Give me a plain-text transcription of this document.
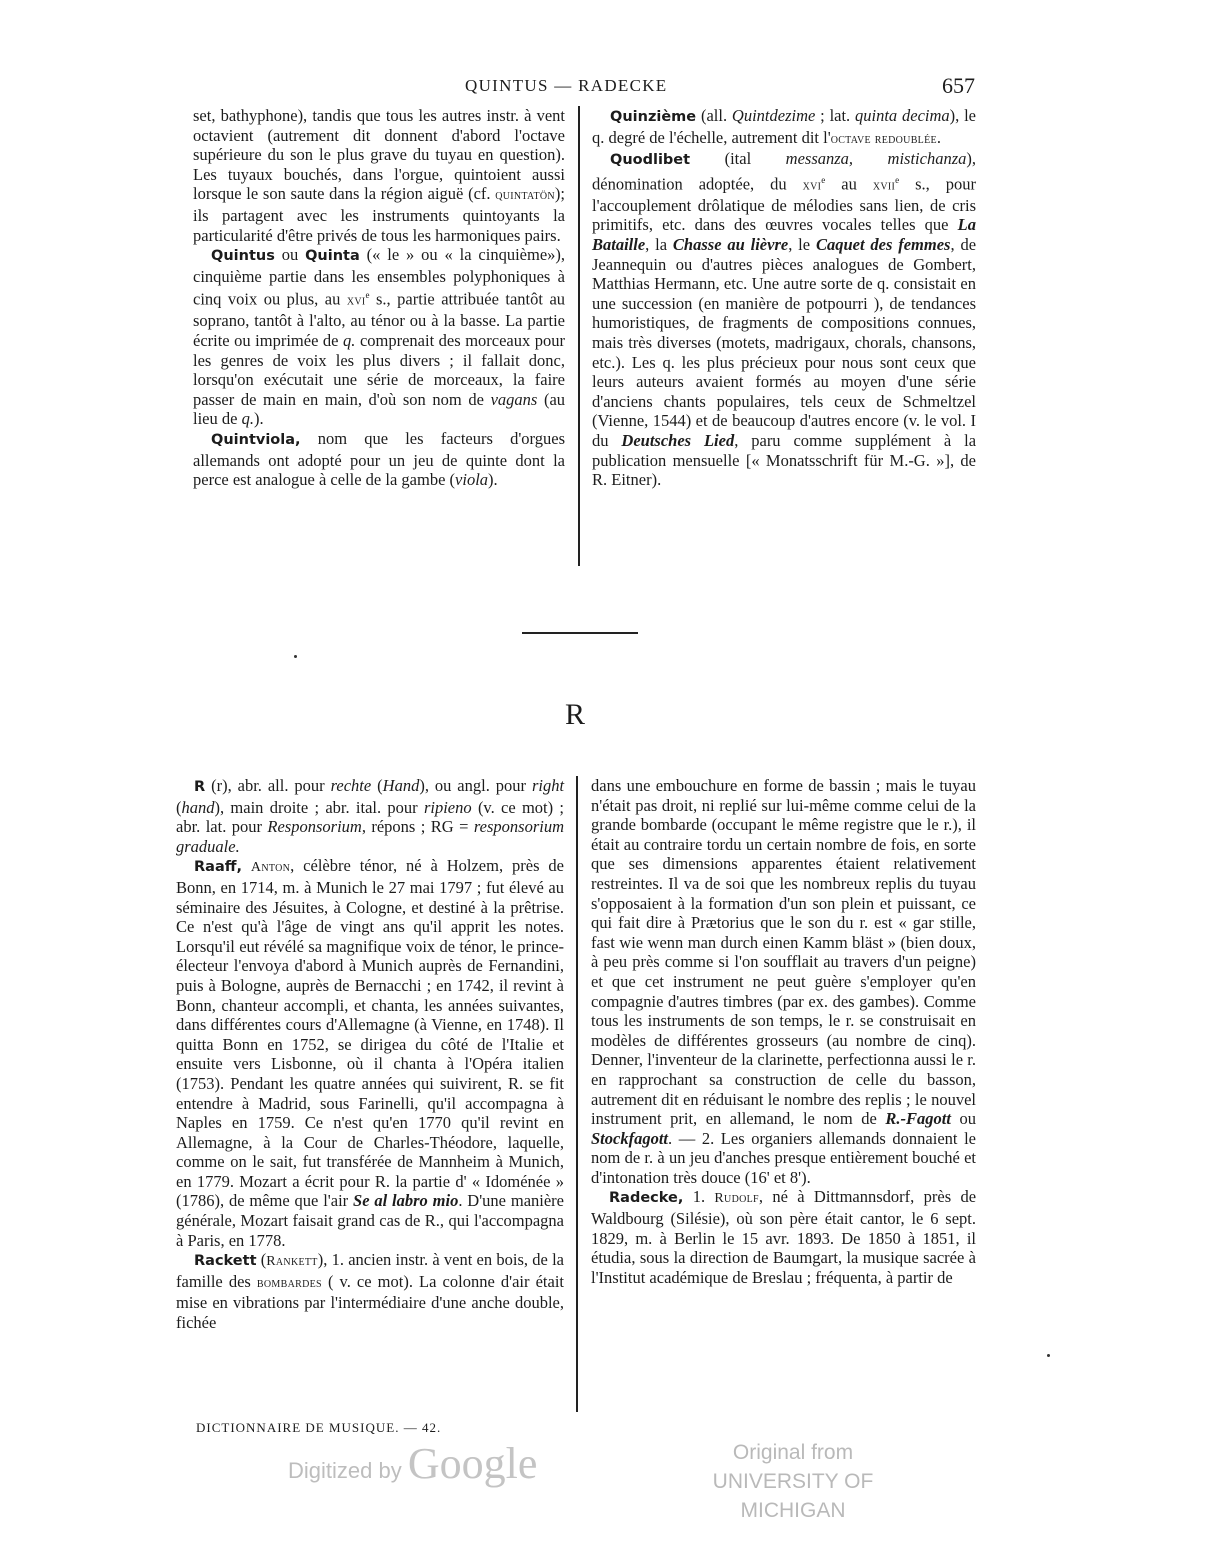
QUINTUS — RADECKE	657

set, bathyphone), tandis que tous les autres instr. à vent octavient (autrement dit donnent d'abord l'octave supérieure du son le plus grave du tuyau en question). Les tuyaux bouchés, dans l'orgue, quintoient aussi lorsque le son saute dans la région aiguë (cf. quintatön); ils partagent avec les instruments quintoyants la particularité d'être privés de tous les harmoniques pairs.

Quintus ou Quinta (« le » ou « la cinquième»), cinquième partie dans les ensembles polyphoniques à cinq voix ou plus, au xvi$^e$ s., partie attribuée tantôt au soprano, tantôt à l'alto, au ténor ou à la basse. La partie écrite ou imprimée de q. comprenait des morceaux pour les genres de voix les plus divers ; il fallait donc, lorsqu'on exécutait une série de morceaux, la faire passer de main en main, d'où son nom de vagans (au lieu de q.).

Quintviola, nom que les facteurs d'orgues allemands ont adopté pour un jeu de quinte dont la perce est analogue à celle de la gambe (viola).

Quinzième (all. Quintdezime ; lat. quinta decima), le q. degré de l'échelle, autrement dit l'octave redoublée.

Quodlibet (ital messanza, mistichanza), dénomination adoptée, du xvi$^e$ au xvii$^e$ s., pour l'accouplement drôlatique de mélodies sans lien, de cris primitifs, etc. dans des œuvres vocales telles que La Bataille, la Chasse au lièvre, le Caquet des femmes, de Jeannequin ou d'autres pièces analogues de Gombert, Matthias Hermann, etc. Une autre sorte de q. consistait en une succession (en manière de potpourri ), de tendances humoristiques, de fragments de compositions connues, mais très diverses (motets, madrigaux, chorals, chansons, etc.). Les q. les plus précieux pour nous sont ceux que leurs auteurs avaient formés au moyen d'une série d'anciens chants populaires, tels ceux de Schmeltzel (Vienne, 1544) et de beaucoup d'autres encore (v. le vol. I du Deutsches Lied, paru comme supplément à la publication mensuelle [« Monatsschrift für M.-G. »], de R. Eitner).

R

R (r), abr. all. pour rechte (Hand), ou angl. pour right (hand), main droite ; abr. ital. pour ripieno (v. ce mot) ; abr. lat. pour Responsorium, répons ; RG = responsorium graduale.

Raaff, Anton, célèbre ténor, né à Holzem, près de Bonn, en 1714, m. à Munich le 27 mai 1797 ; fut élevé au séminaire des Jésuites, à Cologne, et destiné à la prêtrise. Ce n'est qu'à l'âge de vingt ans qu'il apprit les notes. Lorsqu'il eut révélé sa magnifique voix de ténor, le prince-électeur l'envoya d'abord à Munich auprès de Fernandini, puis à Bologne, auprès de Bernacchi ; en 1742, il revint à Bonn, chanteur accompli, et chanta, les années suivantes, dans différentes cours d'Allemagne (à Vienne, en 1748). Il quitta Bonn en 1752, se dirigea du côté de l'Italie et ensuite vers Lisbonne, où il chanta à l'Opéra italien (1753). Pendant les quatre années qui suivirent, R. se fit entendre à Madrid, sous Farinelli, qu'il accompagna à Naples en 1759. Ce n'est qu'en 1770 qu'il revint en Allemagne, à la Cour de Charles-Théodore, laquelle, comme on le sait, fut transférée de Mannheim à Munich, en 1779. Mozart a écrit pour R. la partie d' « Idoménée » (1786), de même que l'air Se al labro mio. D'une manière générale, Mozart faisait grand cas de R., qui l'accompagna à Paris, en 1778.

Rackett (Rankett), 1. ancien instr. à vent en bois, de la famille des bombardes ( v. ce mot). La colonne d'air était mise en vibrations par l'intermédiaire d'une anche double, fichée

dans une embouchure en forme de bassin ; mais le tuyau n'était pas droit, ni replié sur lui-même comme celui de la grande bombarde (occupant le même registre que le r.), il était au contraire tordu un certain nombre de fois, en sorte que ses dimensions apparentes étaient relativement restreintes. Il va de soi que les nombreux replis du tuyau s'opposaient à la formation d'un son plein et puissant, ce qui fait dire à Prætorius que le son du r. est « gar stille, fast wie wenn man durch einen Kamm bläst » (bien doux, à peu près comme si l'on soufflait au travers d'un peigne) et que cet instrument ne peut guère s'employer qu'en compagnie d'autres timbres (par ex. des gambes). Comme tous les instruments de son temps, le r. se construisait en modèles de différentes grosseurs (au nombre de cinq). Denner, l'inventeur de la clarinette, perfectionna aussi le r. en rapprochant sa construction de celle du basson, autrement dit en réduisant le nombre des replis ; le nouvel instrument prit, en allemand, le nom de R.-Fagott ou Stockfagott. — 2. Les organiers allemands donnaient le nom de r. à un jeu d'anches presque entièrement bouché et d'intonation très douce (16' et 8').

Radecke, 1. Rudolf, né à Dittmannsdorf, près de Waldbourg (Silésie), où son père était cantor, le 6 sept. 1829, m. à Berlin le 15 avr. 1893. De 1850 à 1851, il étudia, sous la direction de Baumgart, la musique sacrée à l'Institut académique de Breslau ; fréquenta, à partir de

DICTIONNAIRE DE MUSIQUE. — 42.
Digitized by Google	Original from
UNIVERSITY OF MICHIGAN
